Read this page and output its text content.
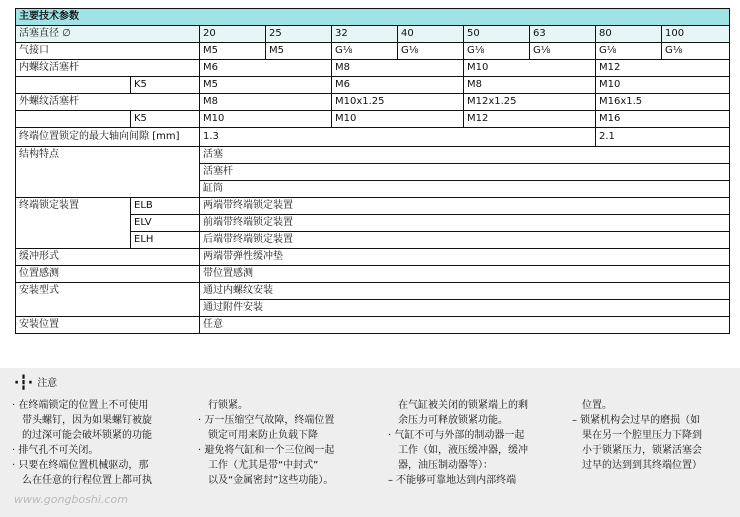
主要技术参数									
活塞直径 ∅		20	25	32	40	50	63	80	100
气接口		M5	M5	G⅛	G⅛	G⅛	G⅛	G⅛	G⅛
内螺纹活塞杆		M6		M8		M10		M12	
	K5	M5		M6		M8		M10	
外螺纹活塞杆		M8		M10x1.25		M12x1.25		M16x1.5	
	K5	M10		M10		M12		M16	
终端位置锁定的最大轴向间隙 [mm]		1.3						2.1	
结构特点		活塞							
		活塞杆							
		缸筒							
终端锁定装置	ELB	两端带终端锁定装置							
	ELV	前端带终端锁定装置							
	ELH	后端带终端锁定装置							
缓冲形式		两端带弹性缓冲垫							
位置感测		带位置感测							
安装型式		通过内螺纹安装							
		通过附件安装							
安装位置		任意							
·┇· 注意

· 在终端锁定的位置上不可使用

带头螺钉，因为如果螺钉被旋

的过深可能会破坏锁紧的功能

· 排气孔不可关闭。

· 只要在终端位置机械驱动，那

么在任意的行程位置上都可执

行锁紧。

· 万一压缩空气故障，终端位置

锁定可用来防止负载下降

· 避免将气缸和一个三位阀一起

工作（尤其是带“中封式”

以及“金属密封”这些功能）。

在气缸被关闭的锁紧端上的剩

余压力可释放锁紧功能。

· 气缸不可与外部的制动器一起

工作（如，液压缓冲器，缓冲

器，油压制动器等）：

– 不能够可靠地达到内部终端

位置。

– 锁紧机构会过早的磨损（如

果在另一个腔里压力下降到

小于锁紧压力，锁紧活塞会

过早的达到到其终端位置）

www.gongboshi.com
